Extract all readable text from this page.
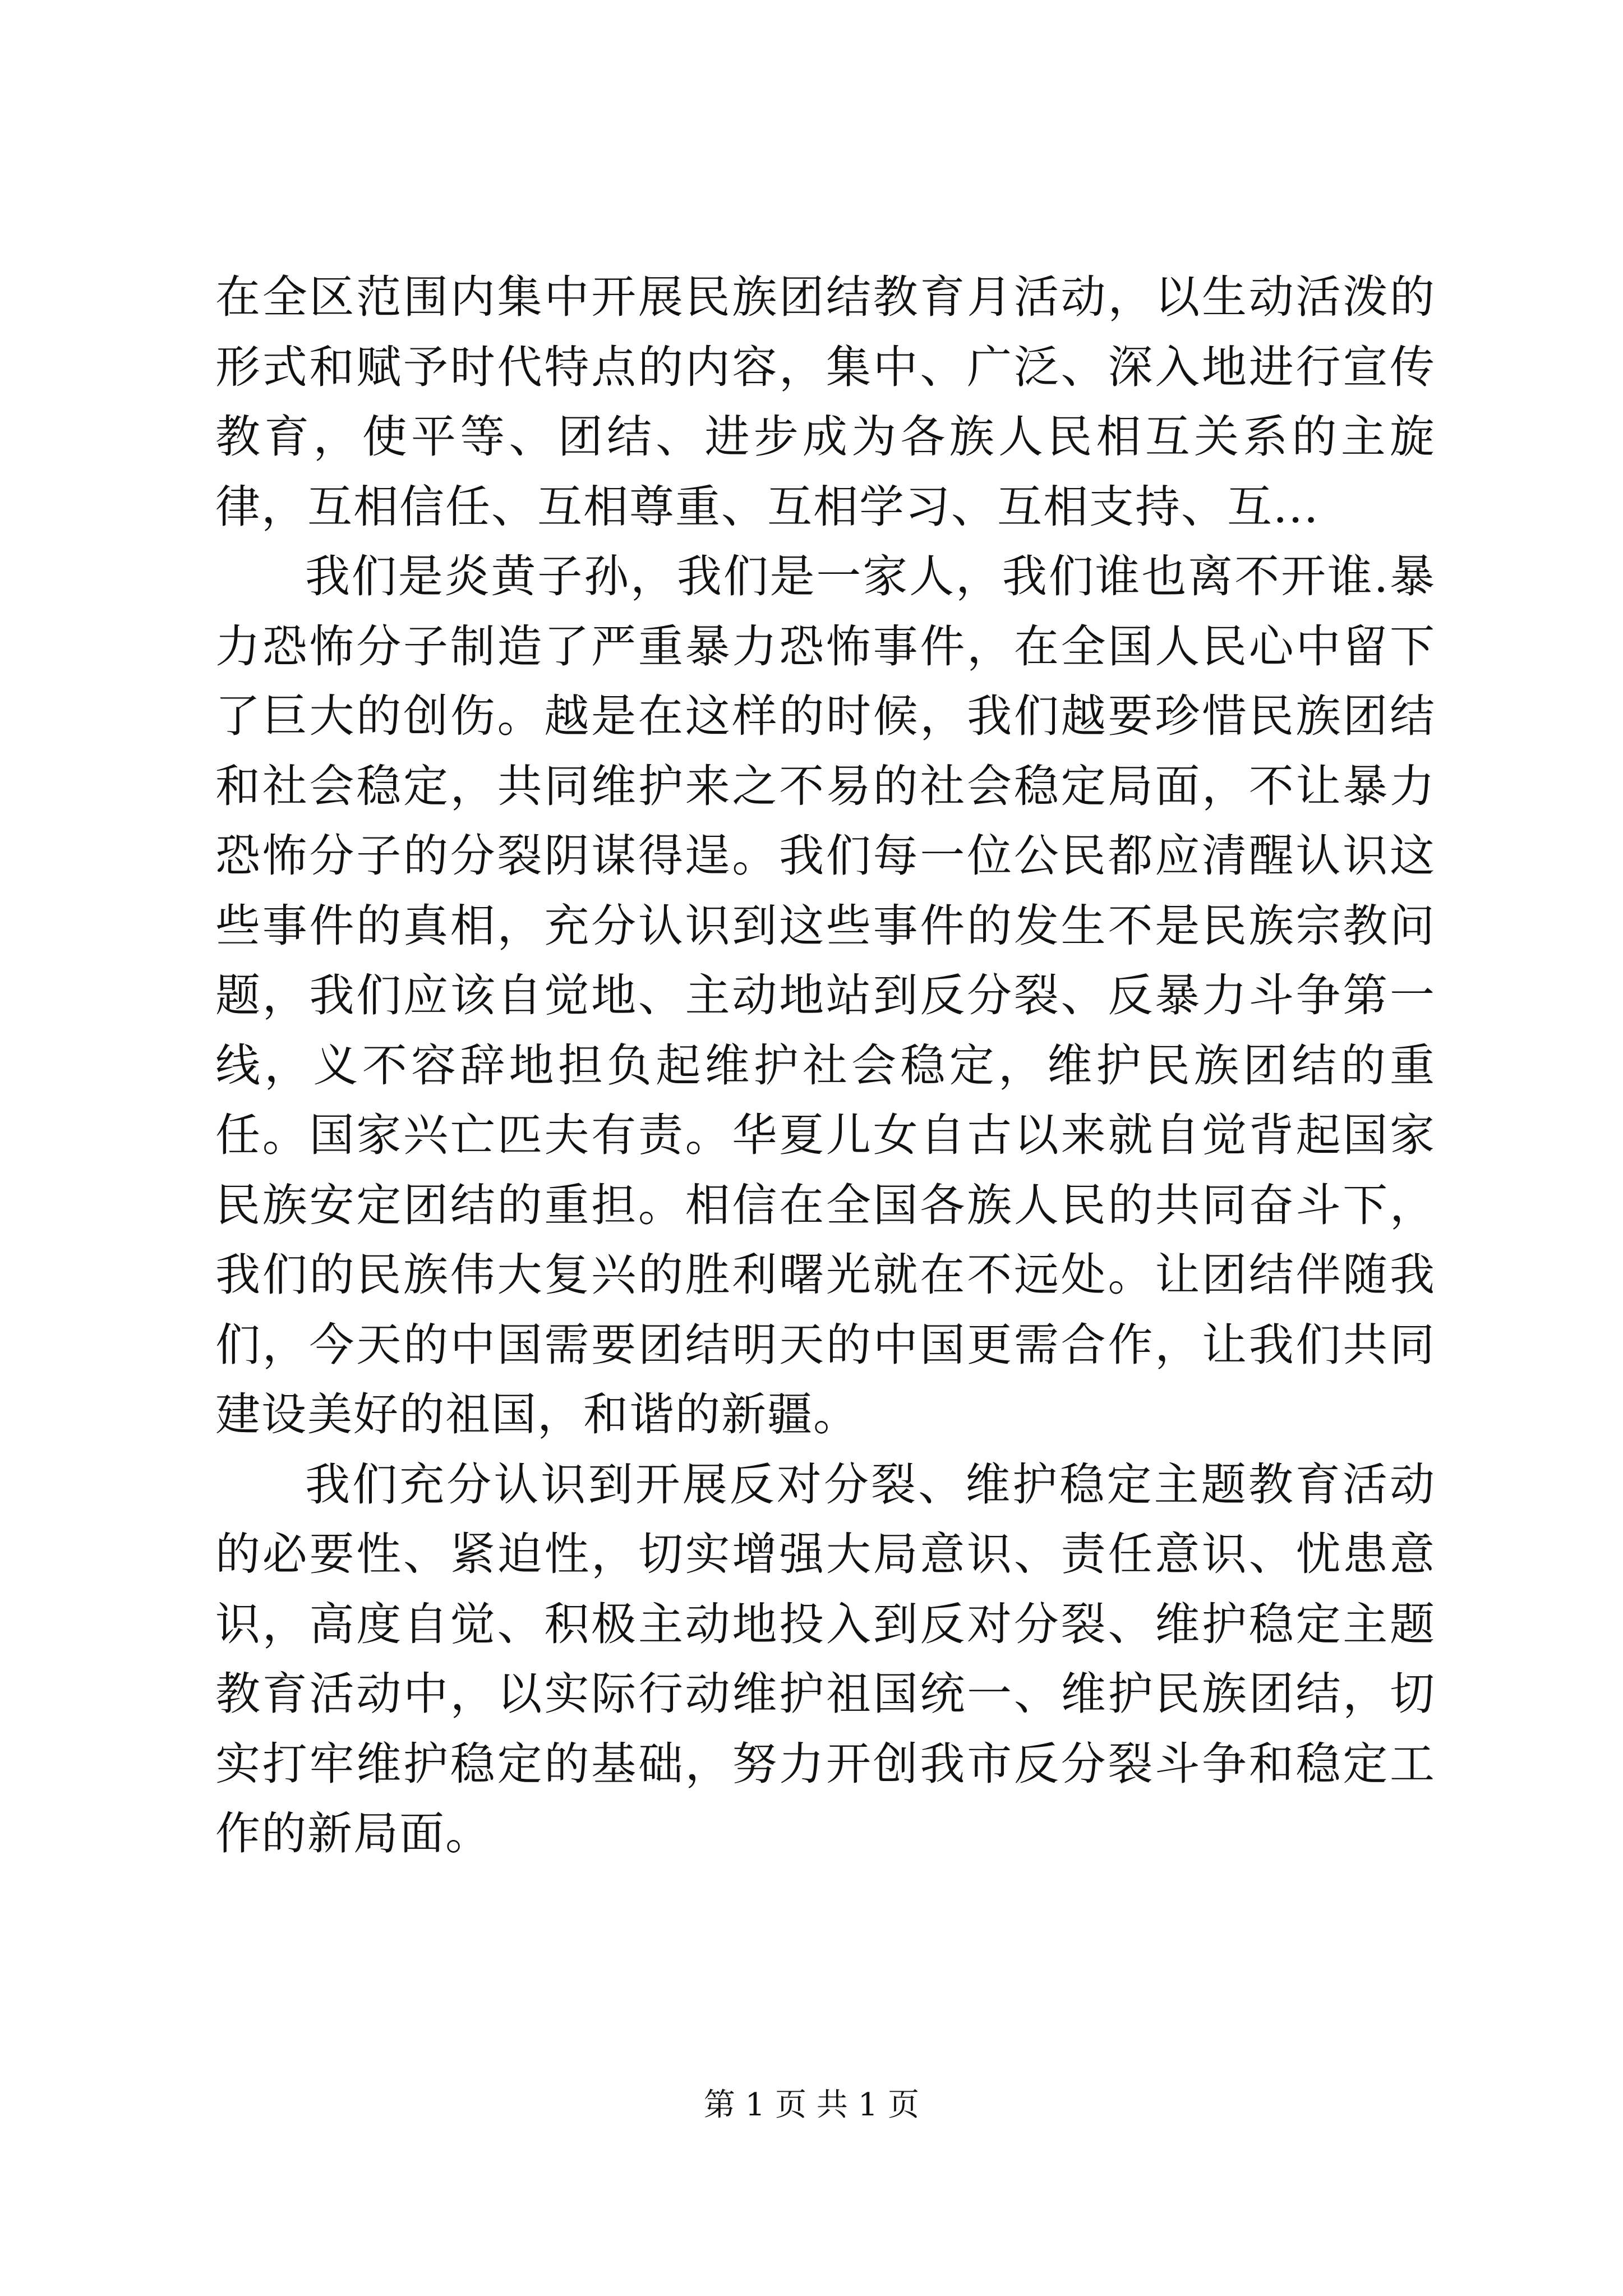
在全区范围内集中开展民族团结教育月活动，以生动活泼的形式和赋予时代特点的内容，集中、广泛、深入地进行宣传教育，使平等、团结、进步成为各族人民相互关系的主旋律，互相信任、互相尊重、互相学习、互相支持、互...

我们是炎黄子孙，我们是一家人，我们谁也离不开谁.暴力恐怖分子制造了严重暴力恐怖事件，在全国人民心中留下了巨大的创伤。越是在这样的时候，我们越要珍惜民族团结和社会稳定，共同维护来之不易的社会稳定局面，不让暴力恐怖分子的分裂阴谋得逞。我们每一位公民都应清醒认识这些事件的真相，充分认识到这些事件的发生不是民族宗教问题，我们应该自觉地、主动地站到反分裂、反暴力斗争第一线，义不容辞地担负起维护社会稳定，维护民族团结的重任。国家兴亡匹夫有责。华夏儿女自古以来就自觉背起国家民族安定团结的重担。相信在全国各族人民的共同奋斗下，我们的民族伟大复兴的胜利曙光就在不远处。让团结伴随我们，今天的中国需要团结明天的中国更需合作，让我们共同建设美好的祖国，和谐的新疆。

我们充分认识到开展反对分裂、维护稳定主题教育活动的必要性、紧迫性，切实增强大局意识、责任意识、忧患意识，高度自觉、积极主动地投入到反对分裂、维护稳定主题教育活动中，以实际行动维护祖国统一、维护民族团结，切实打牢维护稳定的基础，努力开创我市反分裂斗争和稳定工作的新局面。

第 1 页 共 1 页
